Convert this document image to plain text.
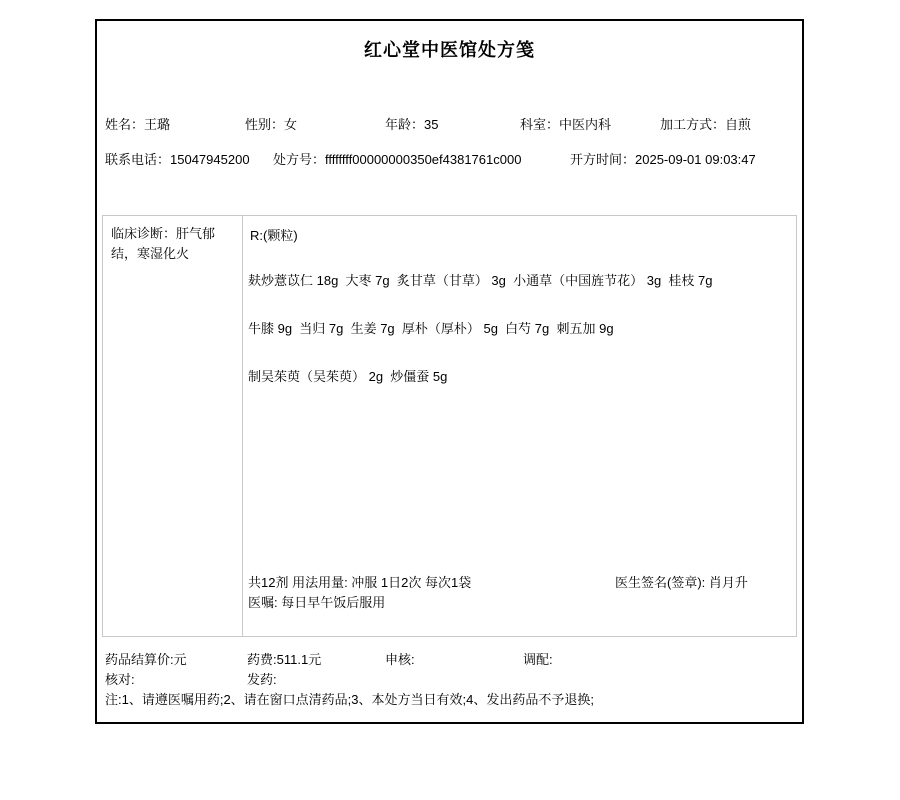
红心堂中医馆处方笺
姓名：王璐	性别：女	年龄：35	科室：中医内科	加工方式：自煎
联系电话：15047945200 处方号：ffffffff00000000350ef4381761c000	开方时间：2025-09-01 09:03:47
临床诊断：肝气郁结，寒湿化火
R:(颗粒)
麸炒薏苡仁 18g  大枣 7g  炙甘草（甘草） 3g  小通草（中国旌节花） 3g  桂枝 7g
牛膝 9g  当归 7g  生姜 7g  厚朴（厚朴） 5g  白芍 7g  刺五加 9g
制吴茱萸（吴茱萸） 2g  炒僵蚕 5g
共12剂 用法用量: 冲服 1日2次 每次1袋	医生签名(签章): 肖月升
医嘱: 每日早午饭后服用
药品结算价:元	药费:511.1元	申核:	调配:
核对:	发药:
注:1、请遵医嘱用药;2、请在窗口点清药品;3、本处方当日有效;4、发出药品不予退换;
